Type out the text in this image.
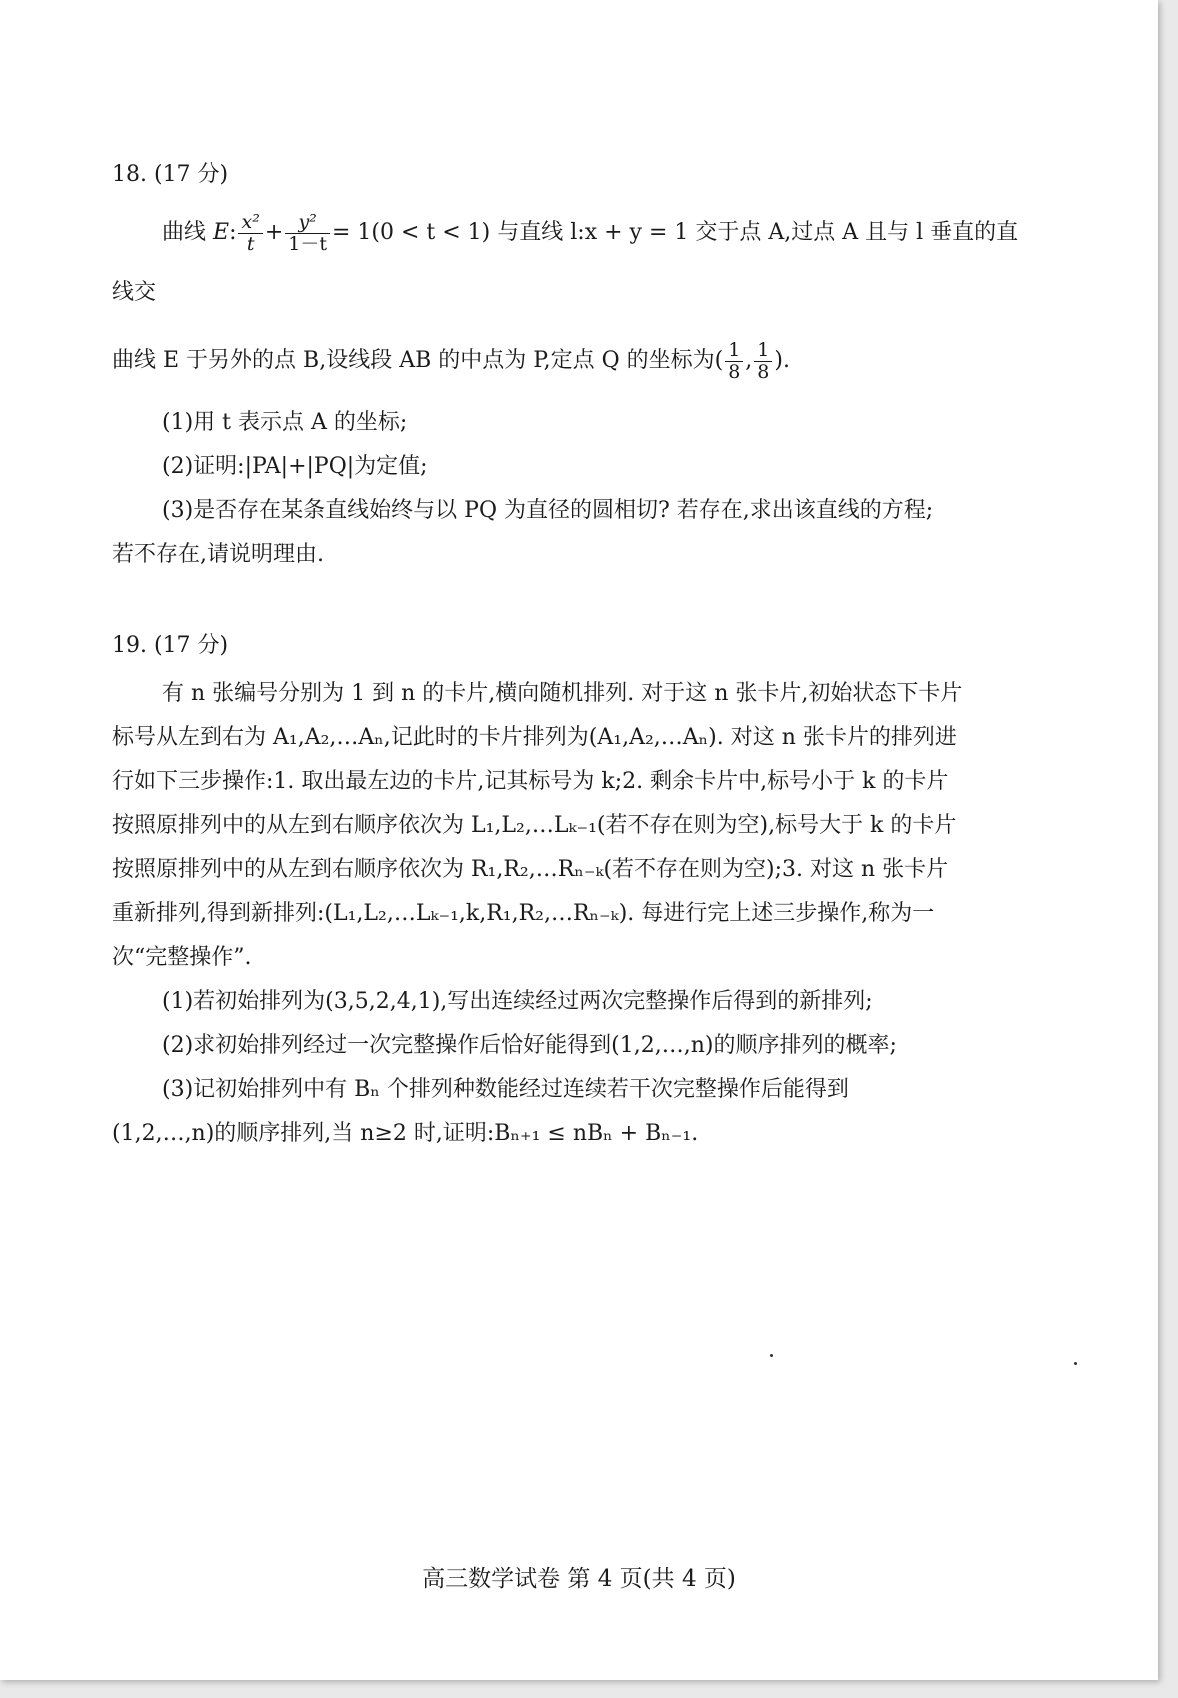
18. (17 分)

曲线 E: $\frac{\text{x²}}{t} + \frac{\text{y²}}{1-t} = 1(0 < t < 1)$ 与直线 l:x + y = 1 交于点 A,过点 A 且与 l 垂直的直线交

曲线 E 于另外的点 B,设线段 AB 的中点为 P,定点 Q 的坐标为( $\frac{1}{8}$ , $\frac{1}{8}$ ).

(1)用 t 表示点 A 的坐标;

(2)证明:|PA|+|PQ|为定值;

(3)是否存在某条直线始终与以 PQ 为直径的圆相切? 若存在,求出该直线的方程;

若不存在,请说明理由.

19. (17 分)

有 n 张编号分别为 1 到 n 的卡片,横向随机排列. 对于这 n 张卡片,初始状态下卡片

标号从左到右为 A₁,A₂,…Aₙ,记此时的卡片排列为(A₁,A₂,…Aₙ). 对这 n 张卡片的排列进

行如下三步操作:1. 取出最左边的卡片,记其标号为 k;2. 剩余卡片中,标号小于 k 的卡片

按照原排列中的从左到右顺序依次为 L₁,L₂,…Lₖ₋₁(若不存在则为空),标号大于 k 的卡片

按照原排列中的从左到右顺序依次为 R₁,R₂,…Rₙ₋ₖ(若不存在则为空);3. 对这 n 张卡片

重新排列,得到新排列:(L₁,L₂,…Lₖ₋₁,k,R₁,R₂,…Rₙ₋ₖ). 每进行完上述三步操作,称为一

次“完整操作”.

(1)若初始排列为(3,5,2,4,1),写出连续经过两次完整操作后得到的新排列;

(2)求初始排列经过一次完整操作后恰好能得到(1,2,…,n)的顺序排列的概率;

(3)记初始排列中有 Bₙ 个排列种数能经过连续若干次完整操作后能得到

(1,2,…,n)的顺序排列,当 n≥2 时,证明:Bₙ₊₁ ≤ nBₙ + Bₙ₋₁.

高三数学试卷 第 4 页(共 4 页)
